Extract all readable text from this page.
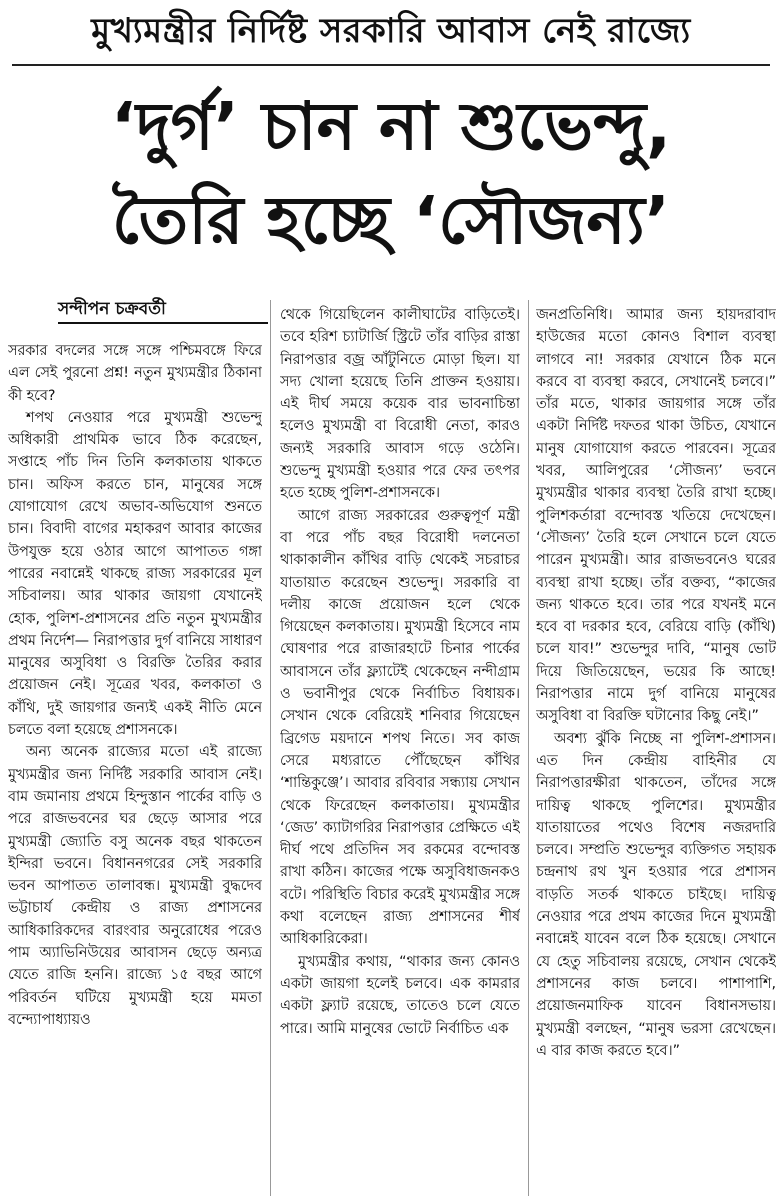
মুখ্যমন্ত্রীর নির্দিষ্ট সরকারি আবাস নেই রাজ্যে
‘দুর্গ’ চান না শুভেন্দু,
তৈরি হচ্ছে ‘সৌজন্য’
সন্দীপন চক্রবর্তী

সরকার বদলের সঙ্গে সঙ্গে পশ্চিমবঙ্গে ফিরে এল সেই পুরনো প্রশ্ন! নতুন মুখ্যমন্ত্রীর ঠিকানা কী হবে?

শপথ নেওয়ার পরে মুখ্যমন্ত্রী শুভেন্দু অধিকারী প্রাথমিক ভাবে ঠিক করেছেন, সপ্তাহে পাঁচ দিন তিনি কলকাতায় থাকতে চান। অফিস করতে চান, মানুষের সঙ্গে যোগাযোগ রেখে অভাব-অভিযোগ শুনতে চান। বিবাদী বাগের মহাকরণ আবার কাজের উপযুক্ত হয়ে ওঠার আগে আপাতত গঙ্গা পারের নবান্নেই থাকছে রাজ্য সরকারের মূল সচিবালয়। আর থাকার জায়গা যেখানেই হোক, পুলিশ-প্রশাসনের প্রতি নতুন মুখ্যমন্ত্রীর প্রথম নির্দেশ— নিরাপত্তার দুর্গ বানিয়ে সাধারণ মানুষের অসুবিধা ও বিরক্তি তৈরির করার প্রয়োজন নেই। সূত্রের খবর, কলকাতা ও কাঁথি, দুই জায়গার জন্যই একই নীতি মেনে চলতে বলা হয়েছে প্রশাসনকে।

অন্য অনেক রাজ্যের মতো এই রাজ্যে মুখ্যমন্ত্রীর জন্য নির্দিষ্ট সরকারি আবাস নেই। বাম জমানায় প্রথমে হিন্দুস্তান পার্কের বাড়ি ও পরে রাজভবনের ঘর ছেড়ে আসার পরে মুখ্যমন্ত্রী জ্যোতি বসু অনেক বছর থাকতেন ইন্দিরা ভবনে। বিধাননগরের সেই সরকারি ভবন আপাতত তালাবন্ধ। মুখ্যমন্ত্রী বুদ্ধদেব ভট্টাচার্য কেন্দ্রীয় ও রাজ্য প্রশাসনের আধিকারিকদের বারংবার অনুরোধের পরেও পাম অ্যাভিনিউয়ের আবাসন ছেড়ে অন্যত্র যেতে রাজি হননি। রাজ্যে ১৫ বছর আগে পরিবর্তন ঘটিয়ে মুখ্যমন্ত্রী হয়ে মমতা বন্দ্যোপাধ্যায়ও

থেকে গিয়েছিলেন কালীঘাটের বাড়িতেই। তবে হরিশ চ্যাটার্জি স্ট্রিটে তাঁর বাড়ির রাস্তা নিরাপত্তার বজ্র আঁটুনিতে মোড়া ছিল। যা সদ্য খোলা হয়েছে তিনি প্রাক্তন হওয়ায়। এই দীর্ঘ সময়ে কয়েক বার ভাবনাচিন্তা হলেও মুখ্যমন্ত্রী বা বিরোধী নেতা, কারও জন্যই সরকারি আবাস গড়ে ওঠেনি। শুভেন্দু মুখ্যমন্ত্রী হওয়ার পরে ফের তৎপর হতে হচ্ছে পুলিশ-প্রশাসনকে।

আগে রাজ্য সরকারের গুরুত্বপূর্ণ মন্ত্রী বা পরে পাঁচ বছর বিরোধী দলনেতা থাকাকালীন কাঁথির বাড়ি থেকেই সচরাচর যাতায়াত করেছেন শুভেন্দু। সরকারি বা দলীয় কাজে প্রয়োজন হলে থেকে গিয়েছেন কলকাতায়। মুখ্যমন্ত্রী হিসেবে নাম ঘোষণার পরে রাজারহাটে চিনার পার্কের আবাসনে তাঁর ফ্ল্যাটেই থেকেছেন নন্দীগ্রাম ও ভবানীপুর থেকে নির্বাচিত বিধায়ক। সেখান থেকে বেরিয়েই শনিবার গিয়েছেন ব্রিগেড ময়দানে শপথ নিতে। সব কাজ সেরে মধ্যরাতে পৌঁছেছেন কাঁথির ‘শান্তিকুঞ্জে’। আবার রবিবার সন্ধ্যায় সেখান থেকে ফিরেছেন কলকাতায়। মুখ্যমন্ত্রীর ‘জেড’ ক্যাটাগরির নিরাপত্তার প্রেক্ষিতে এই দীর্ঘ পথে প্রতিদিন সব রকমের বন্দোবস্ত রাখা কঠিন। কাজের পক্ষে অসুবিধাজনকও বটে। পরিস্থিতি বিচার করেই মুখ্যমন্ত্রীর সঙ্গে কথা বলেছেন রাজ্য প্রশাসনের শীর্ষ আধিকারিকেরা।

মুখ্যমন্ত্রীর কথায়, “থাকার জন্য কোনও একটা জায়গা হলেই চলবে। এক কামরার একটা ফ্ল্যাট রয়েছে, তাতেও চলে যেতে পারে। আমি মানুষের ভোটে নির্বাচিত এক

জনপ্রতিনিধি। আমার জন্য হায়দরাবাদ হাউজের মতো কোনও বিশাল ব্যবস্থা লাগবে না! সরকার যেখানে ঠিক মনে করবে বা ব্যবস্থা করবে, সেখানেই চলবে।” তাঁর মতে, থাকার জায়গার সঙ্গে তাঁর একটা নির্দিষ্ট দফতর থাকা উচিত, যেখানে মানুষ যোগাযোগ করতে পারবেন। সূত্রের খবর, আলিপুরের ‘সৌজন্য’ ভবনে মুখ্যমন্ত্রীর থাকার ব্যবস্থা তৈরি রাখা হচ্ছে। পুলিশকর্তারা বন্দোবস্ত খতিয়ে দেখেছেন। ‘সৌজন্য’ তৈরি হলে সেখানে চলে যেতে পারেন মুখ্যমন্ত্রী। আর রাজভবনেও ঘরের ব্যবস্থা রাখা হচ্ছে। তাঁর বক্তব্য, “কাজের জন্য থাকতে হবে। তার পরে যখনই মনে হবে বা দরকার হবে, বেরিয়ে বাড়ি (কাঁথি) চলে যাব!” শুভেন্দুর দাবি, “মানুষ ভোট দিয়ে জিতিয়েছেন, ভয়ের কি আছে! নিরাপত্তার নামে দুর্গ বানিয়ে মানুষের অসুবিধা বা বিরক্তি ঘটানোর কিছু নেই।”

অবশ্য ঝুঁকি নিচ্ছে না পুলিশ-প্রশাসন। এত দিন কেন্দ্রীয় বাহিনীর যে নিরাপত্তারক্ষীরা থাকতেন, তাঁদের সঙ্গে দায়িত্ব থাকছে পুলিশের। মুখ্যমন্ত্রীর যাতায়াতের পথেও বিশেষ নজরদারি চলবে। সম্প্রতি শুভেন্দুর ব্যক্তিগত সহায়ক চন্দ্রনাথ রথ খুন হওয়ার পরে প্রশাসন বাড়তি সতর্ক থাকতে চাইছে। দায়িত্ব নেওয়ার পরে প্রথম কাজের দিনে মুখ্যমন্ত্রী নবান্নেই যাবেন বলে ঠিক হয়েছে। সেখানে যে হেতু সচিবালয় রয়েছে, সেখান থেকেই প্রশাসনের কাজ চলবে। পাশাপাশি, প্রয়োজনমাফিক যাবেন বিধানসভায়। মুখ্যমন্ত্রী বলছেন, “মানুষ ভরসা রেখেছেন। এ বার কাজ করতে হবে।”
